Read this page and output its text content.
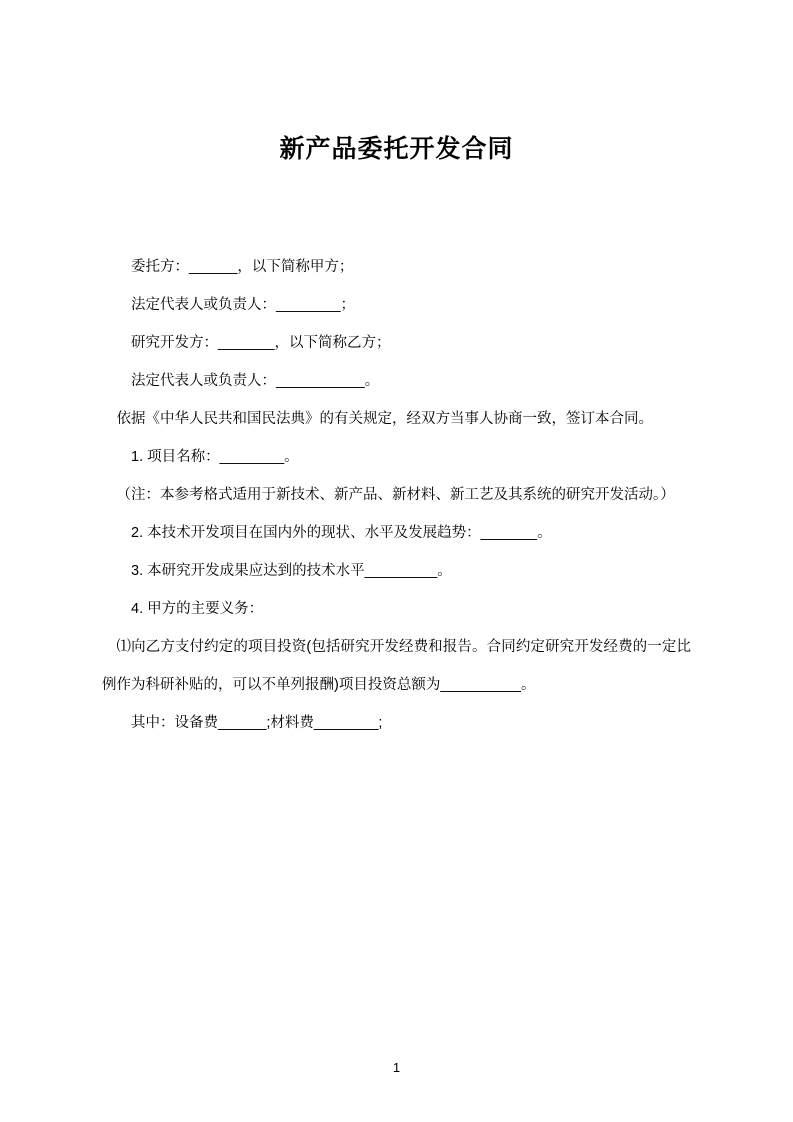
新产品委托开发合同

委托方：______，以下简称甲方；

法定代表人或负责人：________；

研究开发方：_______，以下简称乙方；

法定代表人或负责人：___________。

依据《中华人民共和国民法典》的有关规定，经双方当事人协商一致，签订本合同。

1. 项目名称：________。

（注：本参考格式适用于新技术、新产品、新材料、新工艺及其系统的研究开发活动。）

2. 本技术开发项目在国内外的现状、水平及发展趋势：_______。

3. 本研究开发成果应达到的技术水平_________。

4. 甲方的主要义务：

⑴向乙方支付约定的项目投资(包括研究开发经费和报告。合同约定研究开发经费的一定比例作为科研补贴的，可以不单列报酬)项目投资总额为__________。

其中：设备费______;材料费________;

1
